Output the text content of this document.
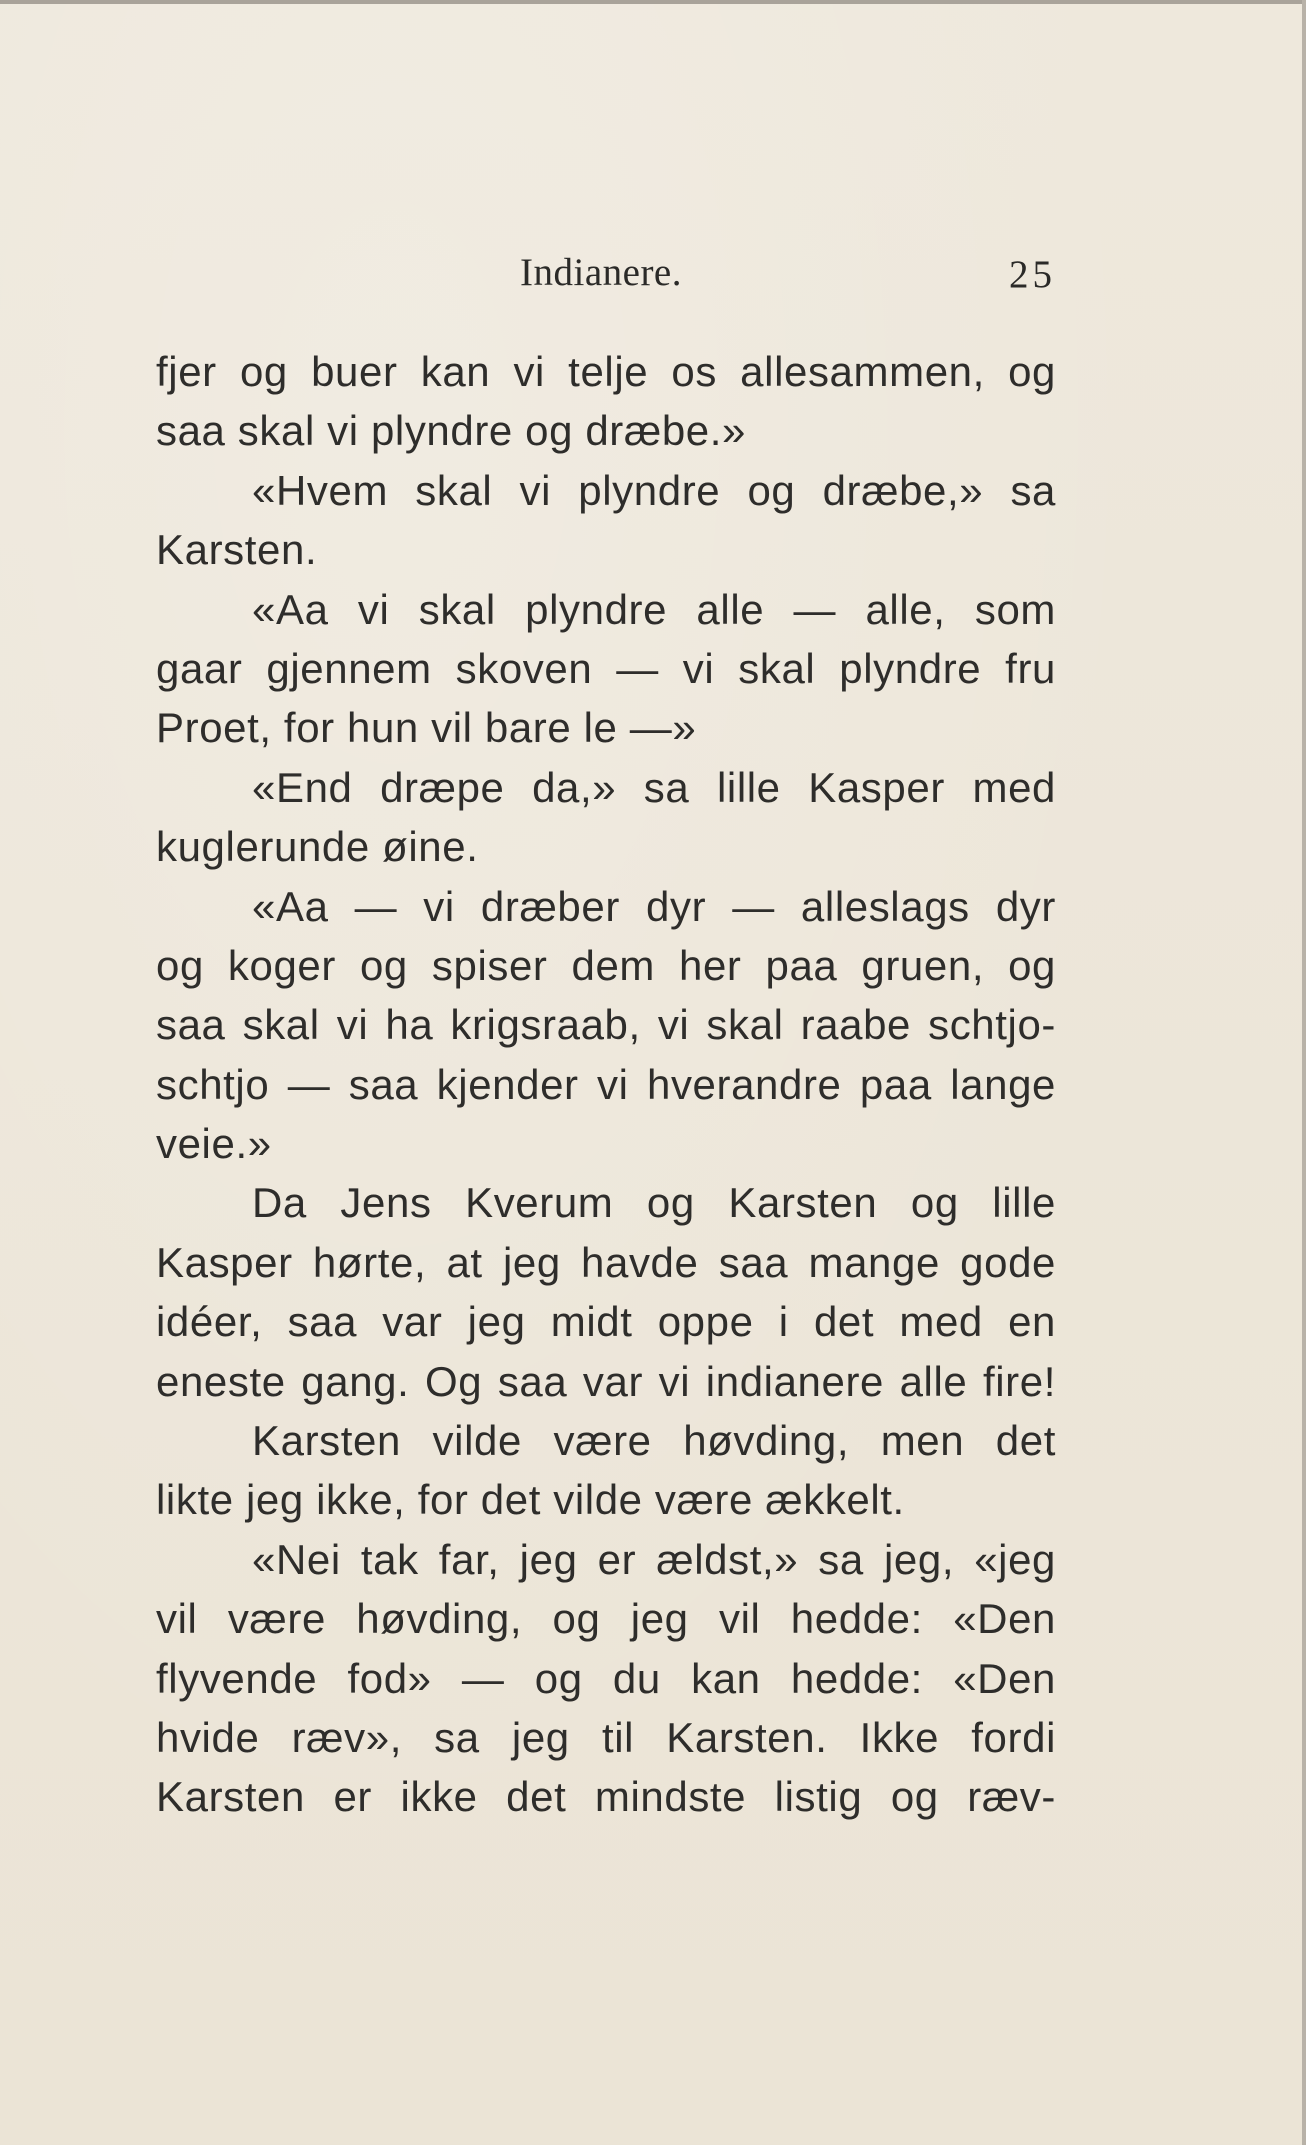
Indianere.	25
fjer og buer kan vi telje os allesammen, og
saa skal vi plyndre og dræbe.»
«Hvem skal vi plyndre og dræbe,» sa
Karsten.
«Aa vi skal plyndre alle — alle, som
gaar gjennem skoven — vi skal plyndre fru
Proet, for hun vil bare le —»
«End dræpe da,» sa lille Kasper med
kuglerunde øine.
«Aa — vi dræber dyr — alleslags dyr
og koger og spiser dem her paa gruen, og
saa skal vi ha krigsraab, vi skal raabe schtjo-
schtjo — saa kjender vi hverandre paa lange
veie.»
Da Jens Kverum og Karsten og lille
Kasper hørte, at jeg havde saa mange gode
idéer, saa var jeg midt oppe i det med en
eneste gang. Og saa var vi indianere alle fire!
Karsten vilde være høvding, men det
likte jeg ikke, for det vilde være ækkelt.
«Nei tak far, jeg er ældst,» sa jeg, «jeg
vil være høvding, og jeg vil hedde: «Den
flyvende fod» — og du kan hedde: «Den
hvide ræv», sa jeg til Karsten. Ikke fordi
Karsten er ikke det mindste listig og ræv-
